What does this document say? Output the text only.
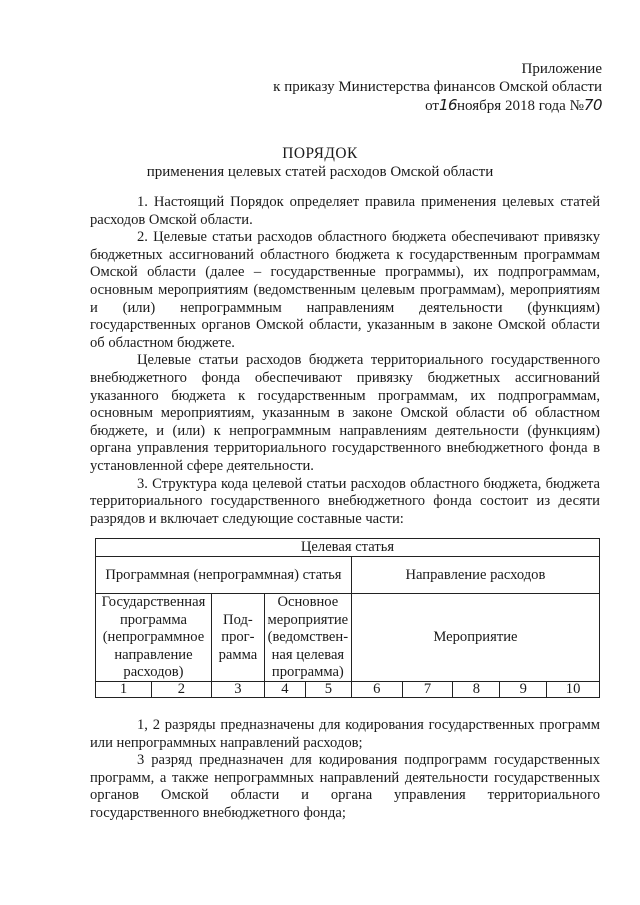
Приложение
к приказу Министерства финансов Омской области
от16ноября 2018 года №70
ПОРЯДОК
применения целевых статей расходов Омской области

1. Настоящий Порядок определяет правила применения целевых статей расходов Омской области.

2. Целевые статьи расходов областного бюджета обеспечивают привязку бюджетных ассигнований областного бюджета к государственным программам Омской области (далее – государственные программы), их подпрограммам, основным мероприятиям (ведомственным целевым программам), мероприятиям и (или) непрограммным направлениям деятельности (функциям) государственных органов Омской области, указанным в законе Омской области об областном бюджете.

Целевые статьи расходов бюджета территориального государственного внебюджетного фонда обеспечивают привязку бюджетных ассигнований указанного бюджета к государственным программам, их подпрограммам, основным мероприятиям, указанным в законе Омской области об областном бюджете, и (или) к непрограммным направлениям деятельности (функциям) органа управления территориального государственного внебюджетного фонда в установленной сфере деятельности.

3. Структура кода целевой статьи расходов областного бюджета, бюджета территориального государственного внебюджетного фонда состоит из десяти разрядов и включает следующие составные части:

Целевая статья									
Программная (непрограммная) статья					Направление расходов				
Государственная программа (непрограммное направление расходов)		Под-прог-рамма	Основное мероприятие (ведомствен-ная целевая программа)		Мероприятие				
1	2	3	4	5	6	7	8	9	10

1, 2 разряды предназначены для кодирования государственных программ или непрограммных направлений расходов;

3 разряд предназначен для кодирования подпрограмм государственных программ, а также непрограммных направлений деятельности государственных органов Омской области и органа управления территориального государственного внебюджетного фонда;
